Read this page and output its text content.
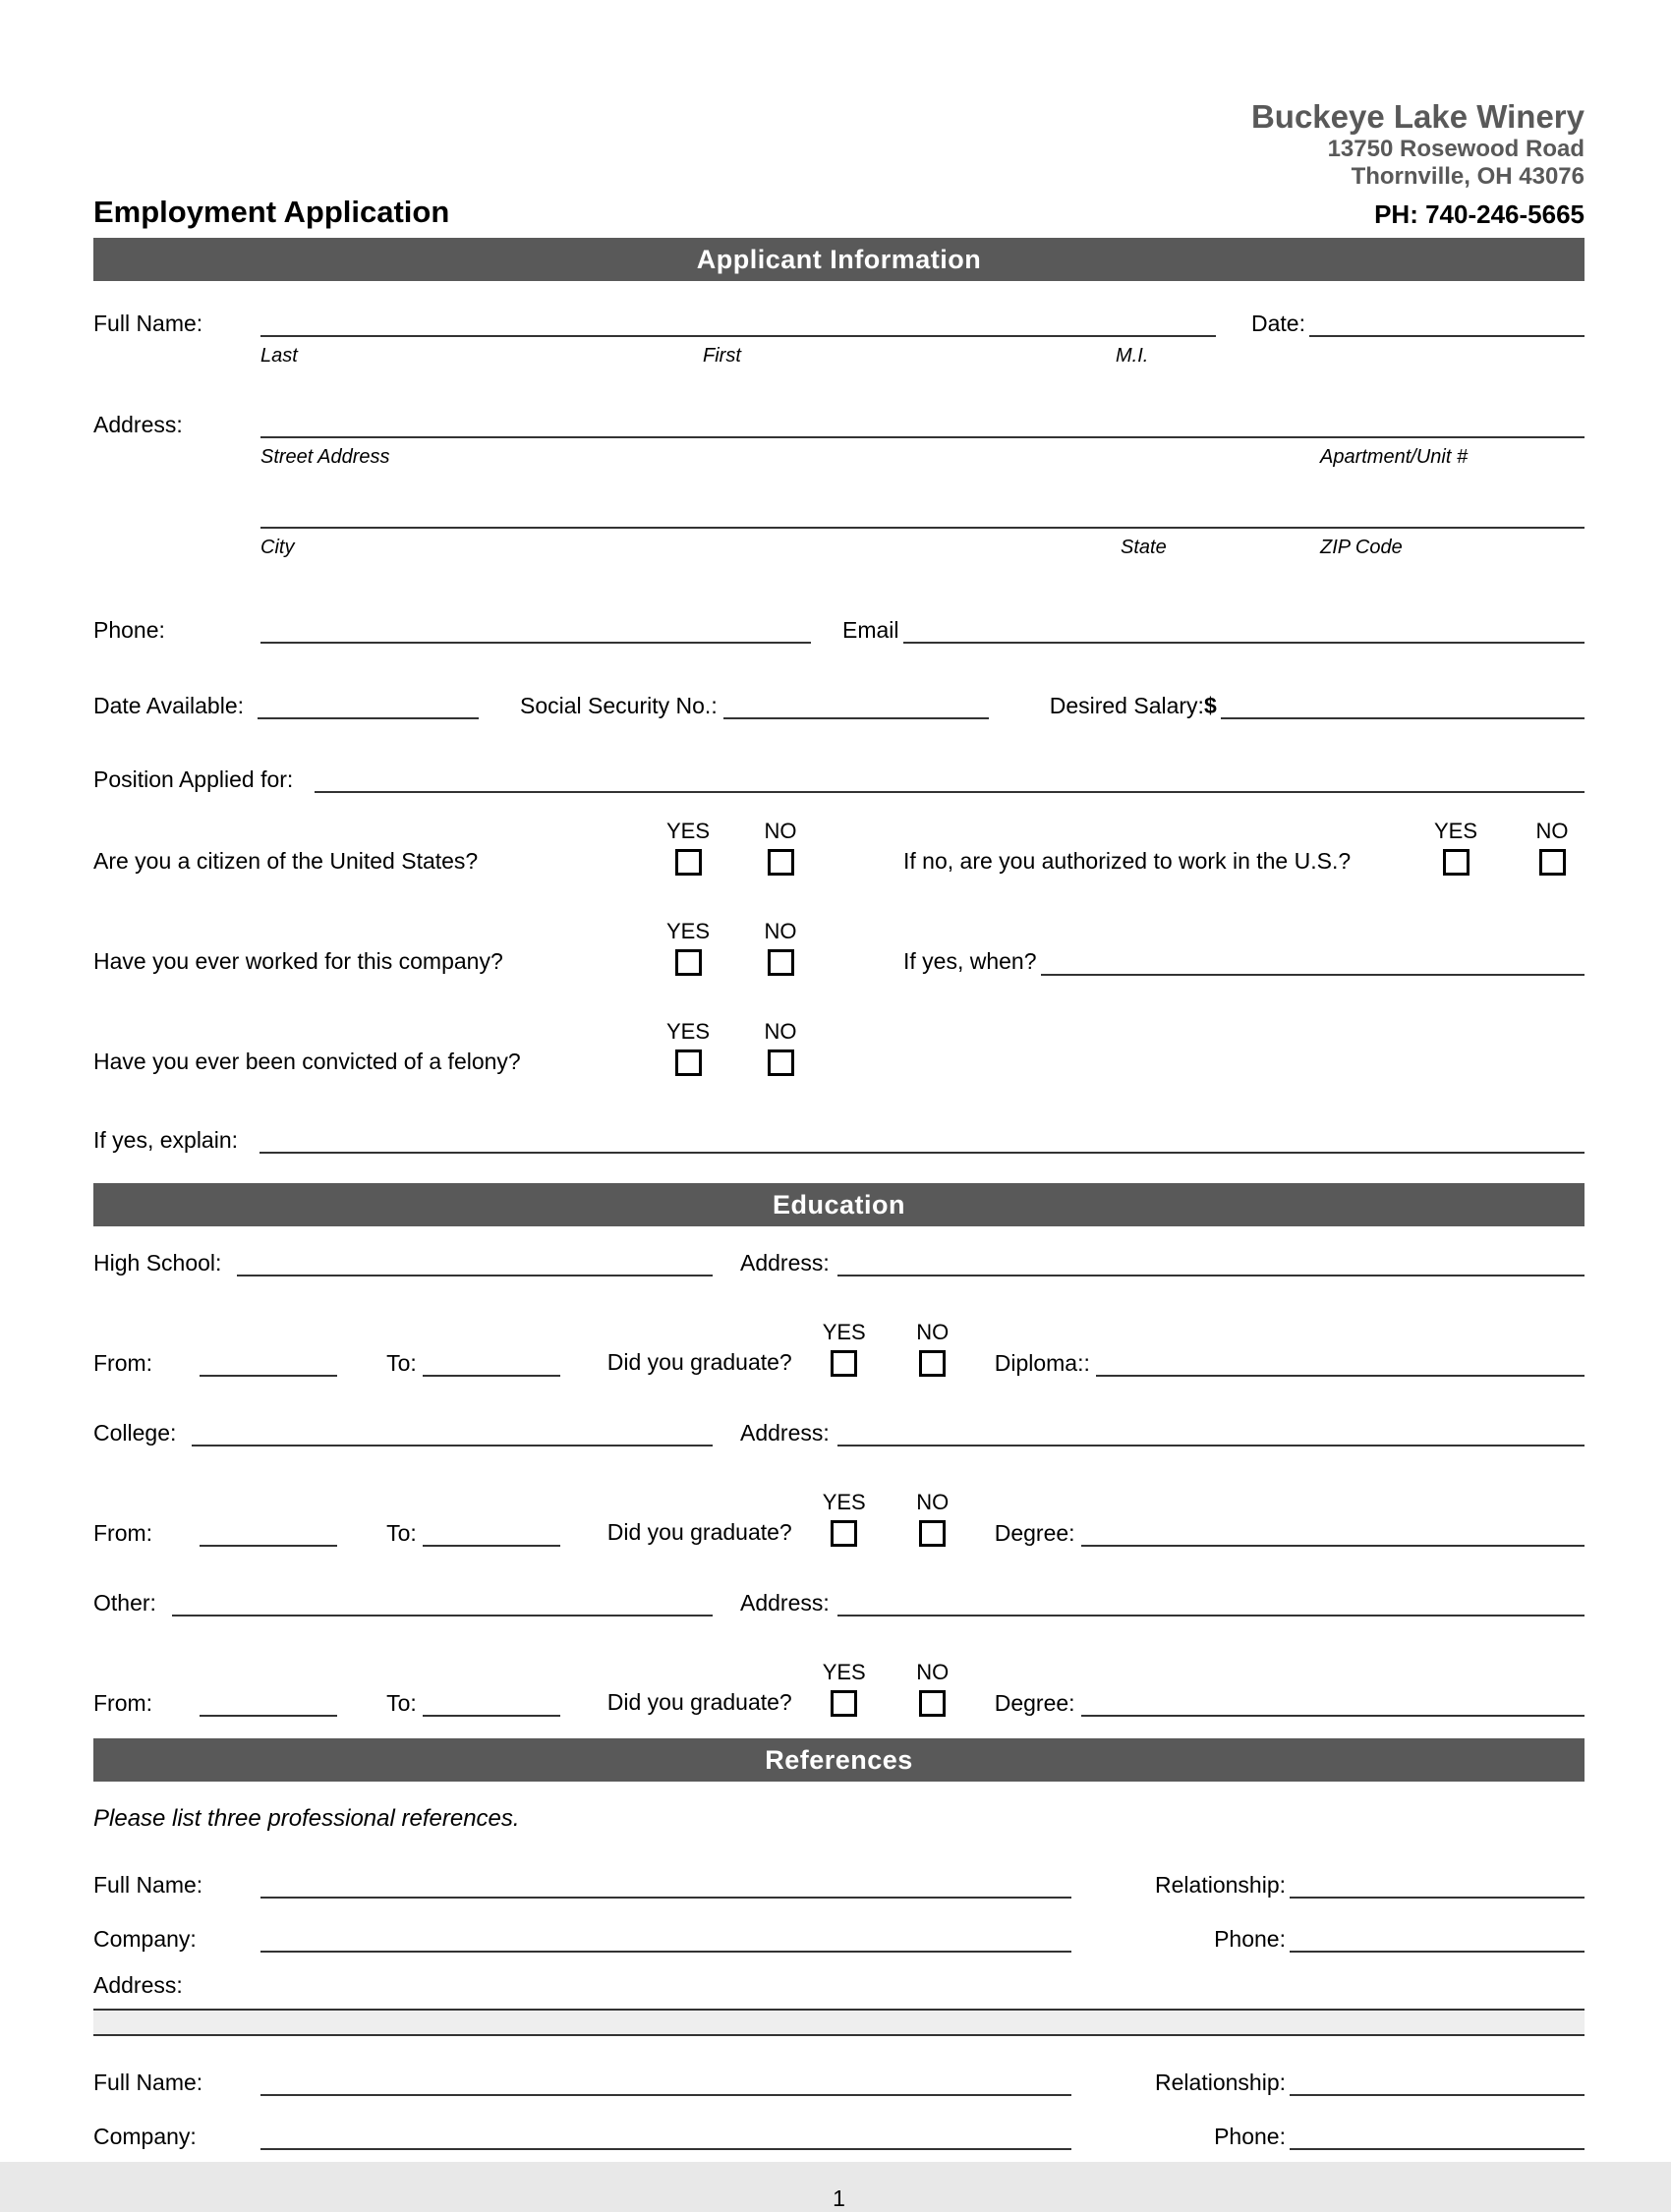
Buckeye Lake Winery
13750 Rosewood Road
Thornville, OH 43076
Employment Application	PH: 740-246-5665
Applicant Information
Full Name:	Date:
Last	First	M.I.
Address:
Street Address	Apartment/Unit #
City	State	ZIP Code
Phone:	Email
Date Available:	Social Security No.:	Desired Salary: $
Position Applied for:
Are you a citizen of the United States?
YES	NO
If no, are you authorized to work in the U.S.?
YES	NO
Have you ever worked for this company?
YES	NO
If yes, when?
Have you ever been convicted of a felony?
YES	NO
If yes, explain:
Education
High School:	Address:
From:	To:	Did you graduate?
YES NO
Diploma::
College:	Address:
From:	To:	Did you graduate?
YES NO
Degree:
Other:	Address:
From:	To:	Did you graduate?
YES NO
Degree:
References
Please list three professional references.
Full Name:	Relationship:
Company:	Phone:
Address:
Full Name:	Relationship:
Company:	Phone:
1
